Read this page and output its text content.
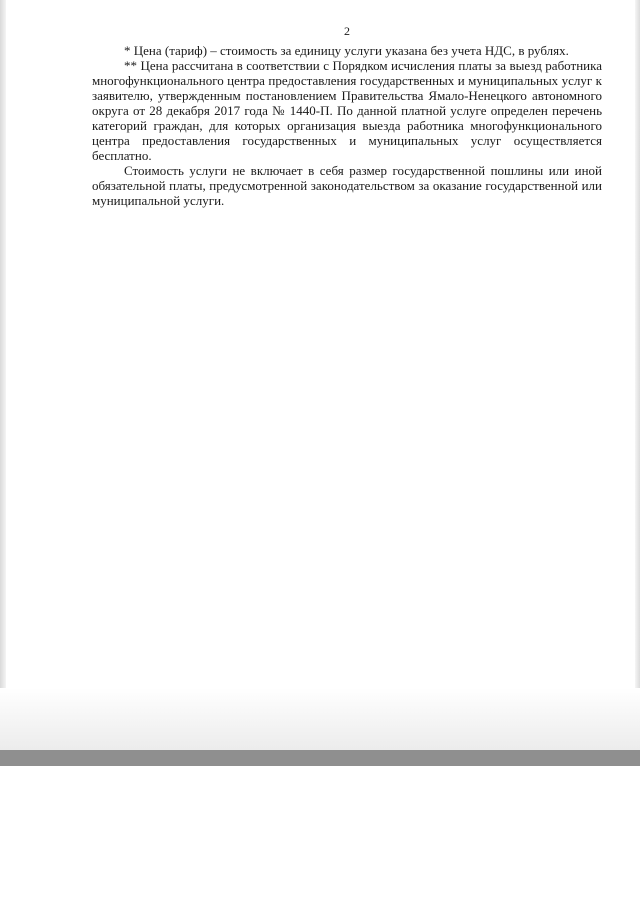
2

* Цена (тариф) – стоимость за единицу услуги указана без учета НДС, в рублях.

** Цена рассчитана в соответствии с Порядком исчисления платы за выезд работника многофункционального центра предоставления государственных и муниципальных услуг к заявителю, утвержденным постановлением Правительства Ямало-Ненецкого автономного округа от 28 декабря 2017 года № 1440-П. По данной платной услуге определен перечень категорий граждан, для которых организация выезда работника многофункционального центра предоставления государственных и муниципальных услуг осуществляется бесплатно.

Стоимость услуги не включает в себя размер государственной пошлины или иной обязательной платы, предусмотренной законодательством за оказание государственной или муниципальной услуги.
